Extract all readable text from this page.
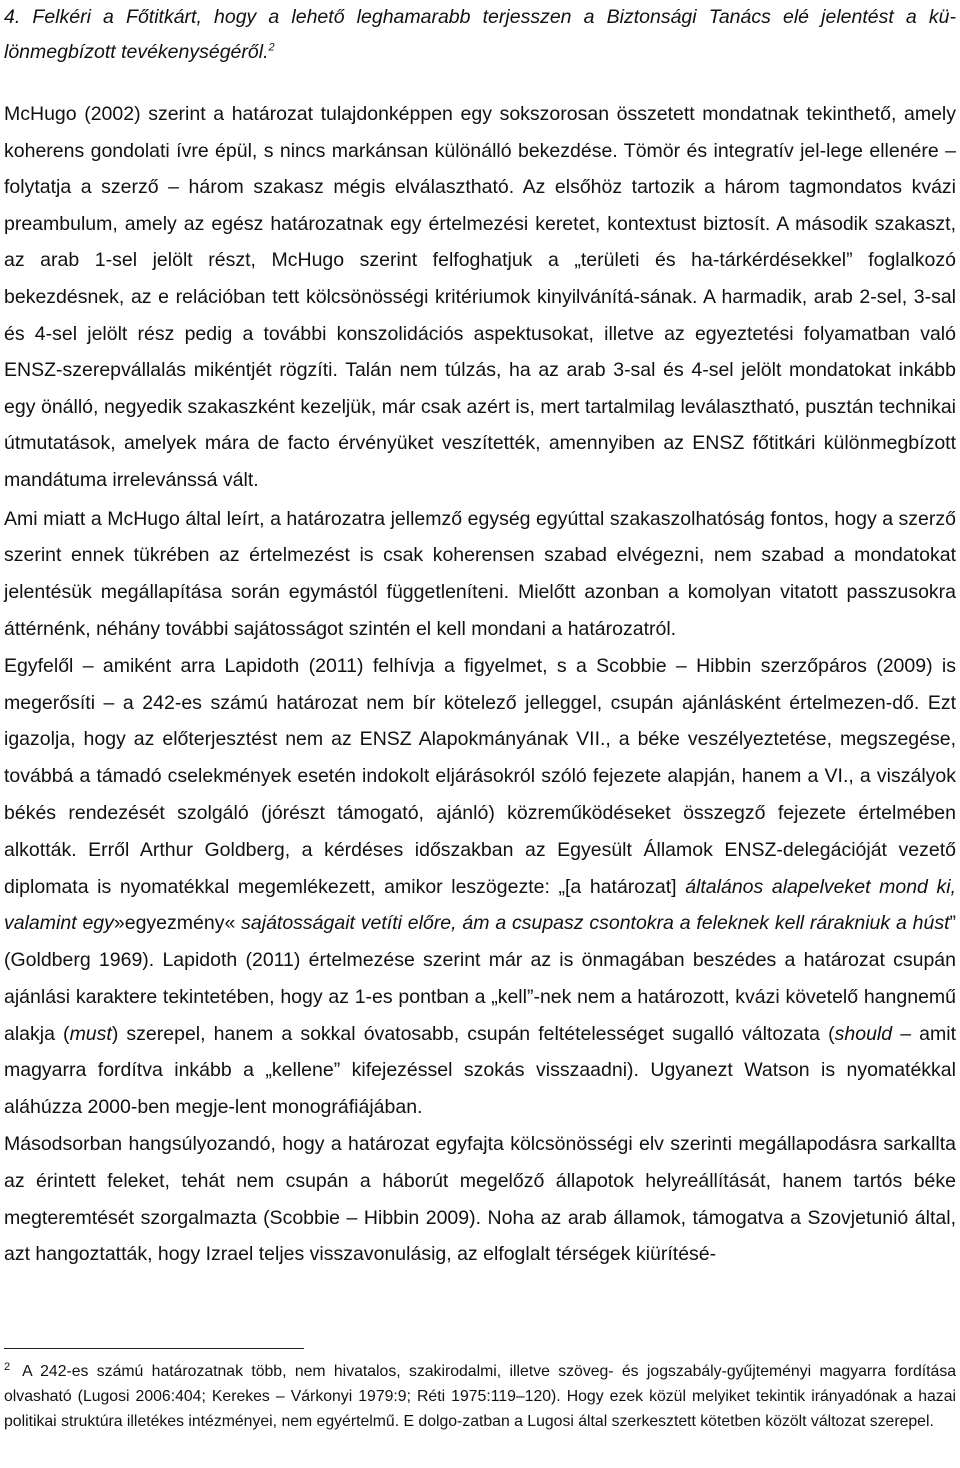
4. Felkéri a Főtitkárt, hogy a lehető leghamarabb terjesszen a Biztonsági Tanács elé jelentést a kü-lönmegbízott tevékenységéről.$^2$

McHugo (2002) szerint a határozat tulajdonképpen egy sokszorosan összetett mondatnak tekinthető, amely koherens gondolati ívre épül, s nincs markánsan különálló bekezdése. Tömör és integratív jel-lege ellenére – folytatja a szerző – három szakasz mégis elválasztható. Az elsőhöz tartozik a három tagmondatos kvázi preambulum, amely az egész határozatnak egy értelmezési keretet, kontextust biztosít. A második szakaszt, az arab 1-sel jelölt részt, McHugo szerint felfoghatjuk a „területi és ha-tárkérdésekkel” foglalkozó bekezdésnek, az e relációban tett kölcsönösségi kritériumok kinyilvánítá-sának. A harmadik, arab 2-sel, 3-sal és 4-sel jelölt rész pedig a további konszolidációs aspektusokat, illetve az egyeztetési folyamatban való ENSZ-szerepvállalás mikéntjét rögzíti. Talán nem túlzás, ha az arab 3-sal és 4-sel jelölt mondatokat inkább egy önálló, negyedik szakaszként kezeljük, már csak azért is, mert tartalmilag leválasztható, pusztán technikai útmutatások, amelyek mára de facto érvényüket veszítették, amennyiben az ENSZ főtitkári különmegbízott mandátuma irrelevánssá vált.

Ami miatt a McHugo által leírt, a határozatra jellemző egység egyúttal szakaszolhatóság fontos, hogy a szerző szerint ennek tükrében az értelmezést is csak koherensen szabad elvégezni, nem szabad a mondatokat jelentésük megállapítása során egymástól függetleníteni. Mielőtt azonban a komolyan vitatott passzusokra áttérnénk, néhány további sajátosságot szintén el kell mondani a határozatról.

Egyfelől – amiként arra Lapidoth (2011) felhívja a figyelmet, s a Scobbie – Hibbin szerzőpáros (2009) is megerősíti – a 242-es számú határozat nem bír kötelező jelleggel, csupán ajánlásként értelmezen-dő. Ezt igazolja, hogy az előterjesztést nem az ENSZ Alapokmányának VII., a béke veszélyeztetése, megszegése, továbbá a támadó cselekmények esetén indokolt eljárásokról szóló fejezete alapján, hanem a VI., a viszályok békés rendezését szolgáló (jórészt támogató, ajánló) közreműködéseket összegző fejezete értelmében alkották. Erről Arthur Goldberg, a kérdéses időszakban az Egyesült Államok ENSZ-delegációját vezető diplomata is nyomatékkal megemlékezett, amikor leszögezte: „[a határozat] általános alapelveket mond ki, valamint egy»egyezmény« sajátosságait vetíti előre, ám a csupasz csontokra a feleknek kell rárakniuk a húst” (Goldberg 1969). Lapidoth (2011) értelmezése szerint már az is önmagában beszédes a határozat csupán ajánlási karaktere tekintetében, hogy az 1-es pontban a „kell”-nek nem a határozott, kvázi követelő hangnemű alakja (must) szerepel, hanem a sokkal óvatosabb, csupán feltételességet sugalló változata (should – amit magyarra fordítva inkább a „kellene” kifejezéssel szokás visszaadni). Ugyanezt Watson is nyomatékkal aláhúzza 2000-ben megje-lent monográfiájában.

Másodsorban hangsúlyozandó, hogy a határozat egyfajta kölcsönösségi elv szerinti megállapodásra sarkallta az érintett feleket, tehát nem csupán a háborút megelőző állapotok helyreállítását, hanem tartós béke megteremtését szorgalmazta (Scobbie – Hibbin 2009). Noha az arab államok, támogatva a Szovjetunió által, azt hangoztatták, hogy Izrael teljes visszavonulásig, az elfoglalt térségek kiürítésé-

$^2$ A 242-es számú határozatnak több, nem hivatalos, szakirodalmi, illetve szöveg- és jogszabály-gyűjteményi magyarra fordítása olvasható (Lugosi 2006:404; Kerekes – Várkonyi 1979:9; Réti 1975:119–120). Hogy ezek közül melyiket tekintik irányadónak a hazai politikai struktúra illetékes intézményei, nem egyértelmű. E dolgo-zatban a Lugosi által szerkesztett kötetben közölt változat szerepel.
